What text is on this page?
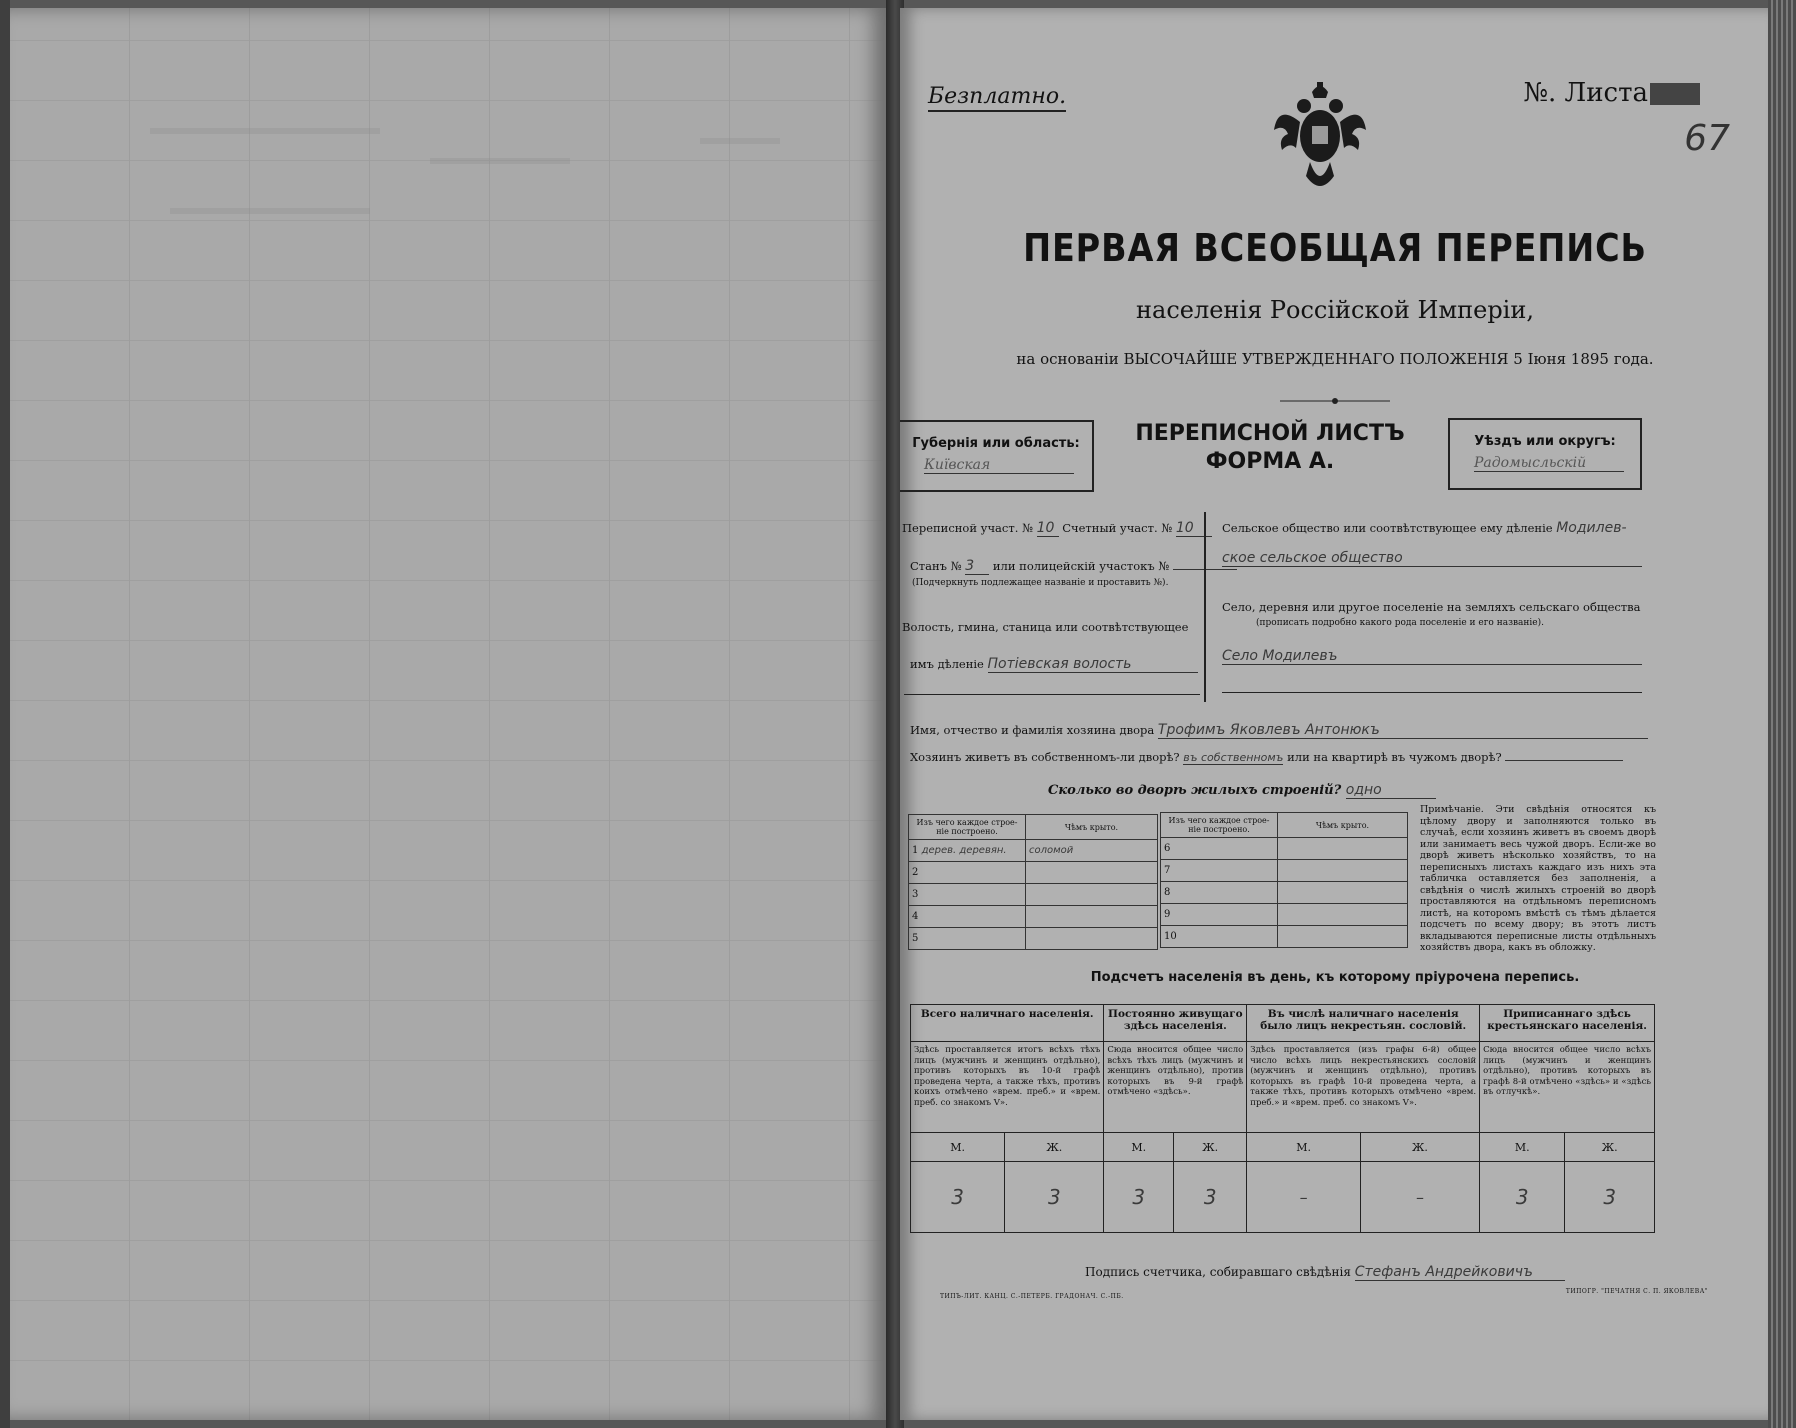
Безплатно.	№. Листа
67
ПЕРВАЯ ВСЕОБЩАЯ ПЕРЕПИСЬ
населенія Россійской Имперіи,
на основаніи ВЫСОЧАЙШЕ УТВЕРЖДЕННАГО ПОЛОЖЕНІЯ 5 Іюня 1895 года.
Губернія или область:
Київская
ПЕРЕПИСНОЙ ЛИСТЪ
ФОРМА А.
Уѣздъ или округъ:
Радомысльскій
Переписной участ. № 10 Счетный участ. № 10
Станъ № 3 или полицейскій участокъ №
(Подчеркнуть подлежащее названіе и проставить №).
Волость, гмина, станица или соотвѣтствующее
имъ дѣленіе Потіевская волость
Сельское общество или соотвѣтствующее ему дѣленіе Модилев-
ское сельское общество
Село, деревня или другое поселеніе на земляхъ сельскаго общества
(прописать подробно какого рода поселеніе и его названіе).
Село Модилевъ
Имя, отчество и фамилія хозяина двора Трофимъ Яковлевъ Антонюкъ
Хозяинъ живетъ въ собственномъ-ли дворѣ? въ собственномъ или на квартирѣ въ чужомъ дворѣ?
Сколько во дворѣ жилыхъ строеній? одно
Изъ чего каждое строе-ніе построено.	Чѣмъ крыто.
1 дерев. деревян.	соломой
2	
3	
4	
5	
Изъ чего каждое строе-ніе построено.	Чѣмъ крыто.
6	
7	
8	
9	
10	
Примѣчаніе. Эти свѣдѣнія относятся къ цѣлому двору и заполняются только въ случаѣ, если хозяинъ живетъ въ своемъ дворѣ или занимаетъ весь чужой дворъ. Если-же во дворѣ живетъ нѣсколько хозяйствъ, то на переписныхъ листахъ каждаго изъ нихъ эта табличка оставляется без заполненія, а свѣдѣнія о числѣ жилыхъ строеній во дворѣ проставляются на отдѣльномъ переписномъ листѣ, на которомъ вмѣстѣ съ тѣмъ дѣлается подсчетъ по всему двору; въ этотъ листъ вкладываются переписные листы отдѣльныхъ хозяйствъ двора, какъ въ обложку.
Подсчетъ населенія въ день, къ которому пріурочена перепись.
Всего наличнаго населенія.		Постоянно живущаго здѣсь населенія.		Въ числѣ наличнаго населенія было лицъ некрестьян. сословій.		Приписаннаго здѣсь крестьянскаго населенія.	
Здѣсь проставляется итогъ всѣхъ тѣхъ лицъ (мужчинъ и женщинъ отдѣльно), противъ которыхъ въ 10-й графѣ проведена черта, а также тѣхъ, противъ коихъ отмѣчено «врем. преб.» и «врем. преб. со знакомъ V».		Сюда вносится общее число всѣхъ тѣхъ лицъ (мужчинъ и женщинъ отдѣльно), против которыхъ въ 9-й графѣ отмѣчено «здѣсь».		Здѣсь проставляется (изъ графы 6-й) общее число всѣхъ лицъ некрестьянскихъ сословій (мужчинъ и женщинъ отдѣльно), противъ которыхъ въ графѣ 10-й проведена черта, а также тѣхъ, противъ которыхъ отмѣчено «врем. преб.» и «врем. преб. со знакомъ V».		Сюда вносится общее число всѣхъ лицъ (мужчинъ и женщинъ отдѣльно), противъ которыхъ въ графѣ 8-й отмѣчено «здѣсь» и «здѣсь въ отлучкѣ».	
М.	Ж.	М.	Ж.	М.	Ж.	М.	Ж.
3	3	3	3	–	–	3	3
Подпись счетчика, собиравшаго свѣдѣнія Стефанъ Андрейковичъ
ТИПЪ-ЛИТ. КАНЦ. С.-ПЕТЕРБ. ГРАДОНАЧ. С.-ПБ.
ТИПОГР. "ПЕЧАТНЯ С. П. ЯКОВЛЕВА"
